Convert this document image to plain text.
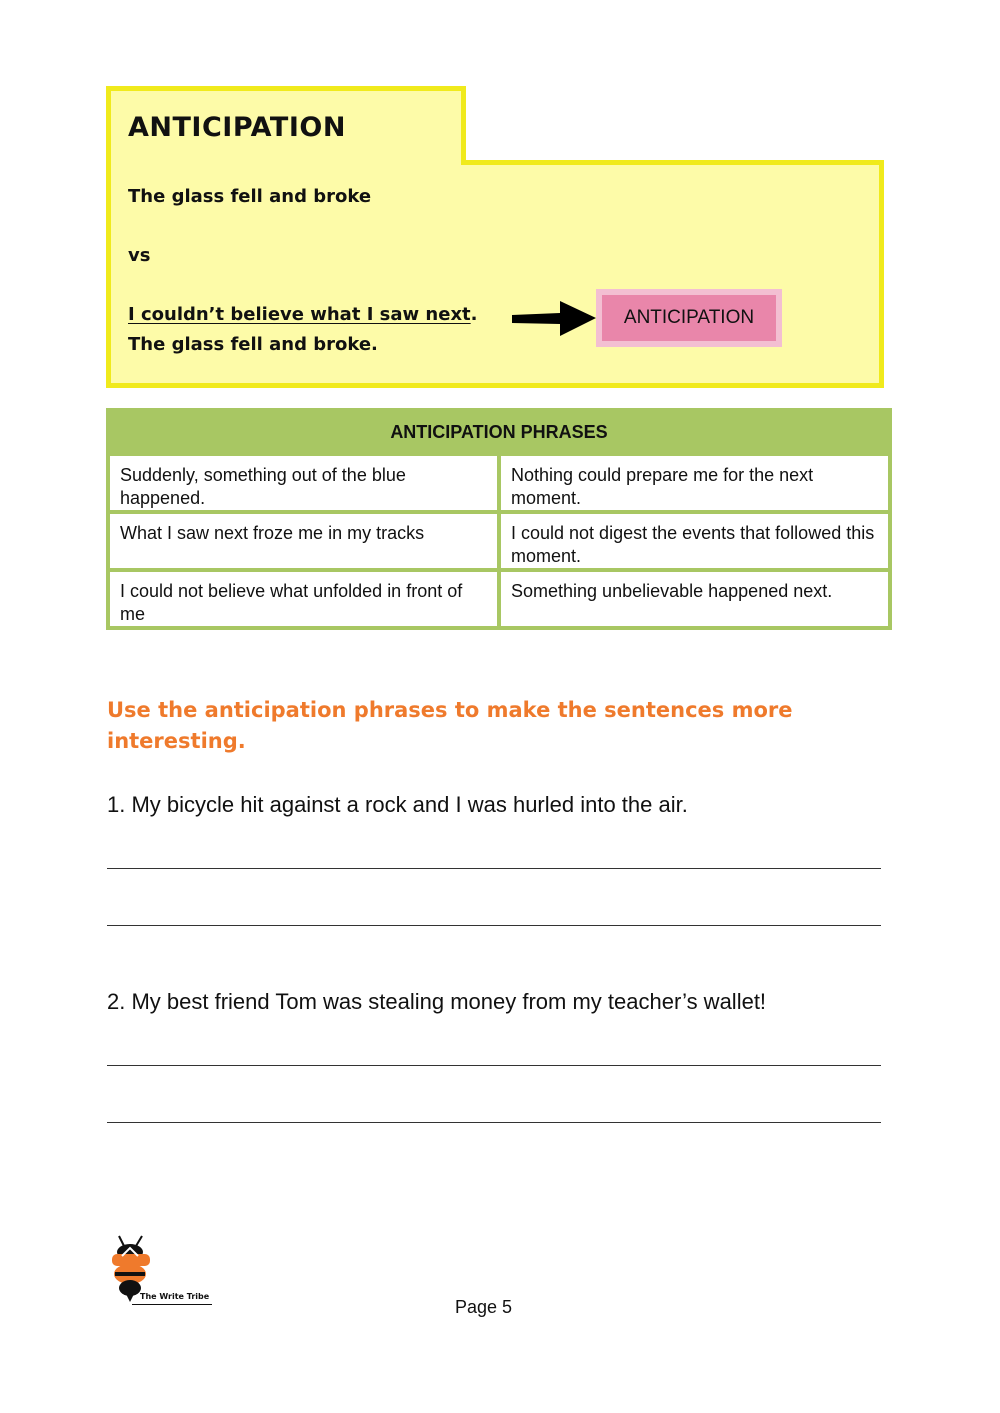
ANTICIPATION
The glass fell and broke
vs
I couldn’t believe what I saw next.
The glass fell and broke.
ANTICIPATION
ANTICIPATION PHRASES	
Suddenly, something out of the blue happened.	Nothing could prepare me for the next moment.
What I saw next froze me in my tracks	I could not digest the events that followed this moment.
I could not believe what unfolded in front of me	Something unbelievable happened next.
Use the anticipation phrases to make the sentences more interesting.
1. My bicycle hit against a rock and I was hurled into the air.
2. My best friend Tom was stealing money from my teacher’s wallet!
The Write Tribe
Page 5
